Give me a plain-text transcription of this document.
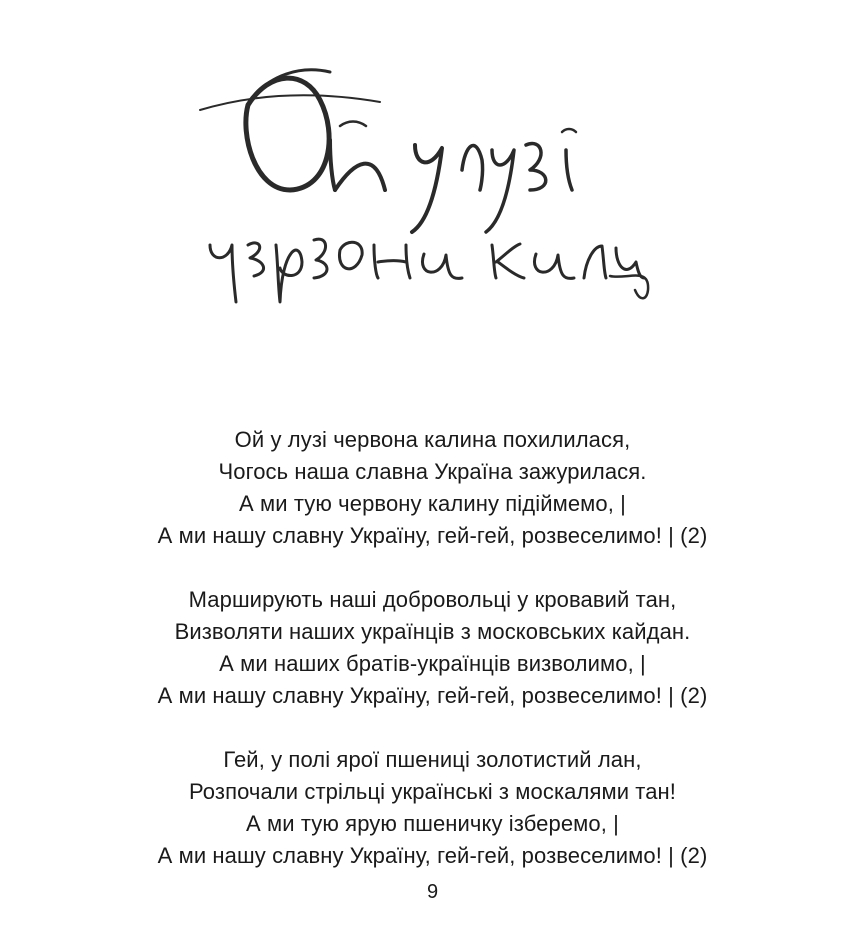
Ой у лузі червона калина похилилася,
Чогось наша славна Україна зажурилася.
А ми тую червону калину підіймемо, |
А ми нашу славну Україну, гей-гей, розвеселимо! | (2)
Марширують наші добровольці у кровавий тан,
Визволяти наших українців з московських кайдан.
А ми наших братів-українців визволимо, |
А ми нашу славну Україну, гей-гей, розвеселимо! | (2)
Гей, у полі ярої пшениці золотистий лан,
Розпочали стрільці українські з москалями тан!
А ми тую ярую пшеничку ізберемо, |
А ми нашу славну Україну, гей-гей, розвеселимо! | (2)
9
